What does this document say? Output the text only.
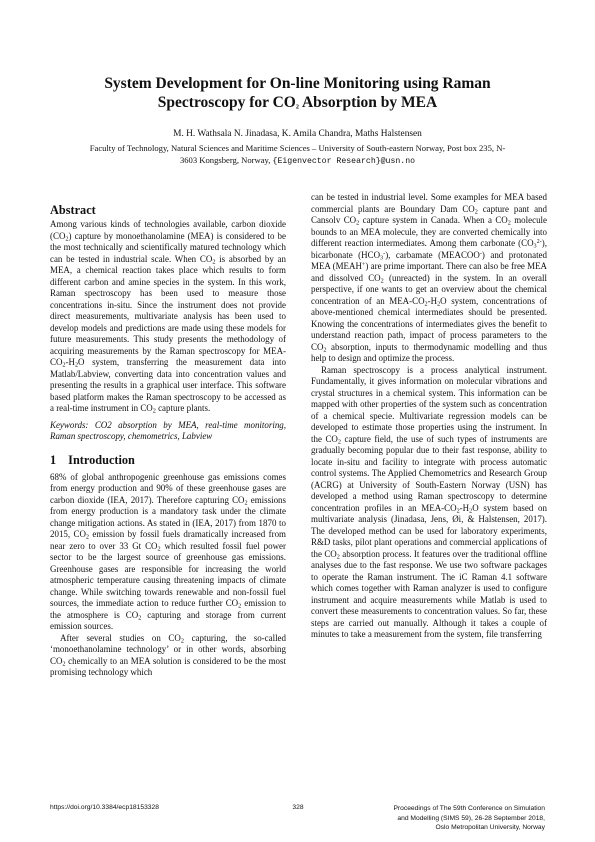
System Development for On-line Monitoring using Raman
Spectroscopy for $CO_2$ Absorption by MEA
M. H. Wathsala N. Jinadasa, K. Amila Chandra, Maths Halstensen
Faculty of Technology, Natural Sciences and Maritime Sciences – University of South-eastern Norway, Post box 235, N-
3603 Kongsberg, Norway, {Eigenvector Research}@usn.no
Abstract

Among various kinds of technologies available, carbon dioxide $(CO_2)$ capture by monoethanolamine (MEA) is considered to be the most technically and scientifically matured technology which can be tested in industrial scale. When $CO_2$ is absorbed by an MEA, a chemical reaction takes place which results to form different carbon and amine species in the system. In this work, Raman spectroscopy has been used to measure those concentrations in-situ. Since the instrument does not provide direct measurements, multivariate analysis has been used to develop models and predictions are made using these models for future measurements. This study presents the methodology of acquiring measurements by the Raman spectroscopy for MEA-$CO_2-H_2O$ system, transferring the measurement data into Matlab/Labview, converting data into concentration values and presenting the results in a graphical user interface. This software based platform makes the Raman spectroscopy to be accessed as a real-time instrument in $CO_2$ capture plants.

Keywords: CO2 absorption by MEA, real-time monitoring, Raman spectroscopy, chemometrics, Labview

1 Introduction

68% of global anthropogenic greenhouse gas emissions comes from energy production and 90% of these greenhouse gases are carbon dioxide (IEA, 2017). Therefore capturing $CO_2$ emissions from energy production is a mandatory task under the climate change mitigation actions. As stated in (IEA, 2017) from 1870 to 2015, $CO_2$ emission by fossil fuels dramatically increased from near zero to over 33 Gt $CO_2$ which resulted fossil fuel power sector to be the largest source of greenhouse gas emissions. Greenhouse gases are responsible for increasing the world atmospheric temperature causing threatening impacts of climate change. While switching towards renewable and non-fossil fuel sources, the immediate action to reduce further $CO_2$ emission to the atmosphere is $CO_2$ capturing and storage from current emission sources.

After several studies on $CO_2$ capturing, the so-called ‘monoethanolamine technology’ or in other words, absorbing $CO_2$ chemically to an MEA solution is considered to be the most promising technology which

can be tested in industrial level. Some examples for MEA based commercial plants are Boundary Dam $CO_2$ capture pant and Cansolv $CO_2$ capture system in Canada. When a $CO_2$ molecule bounds to an MEA molecule, they are converted chemically into different reaction intermediates. Among them carbonate $(CO_3^{2-})$, bicarbonate $(HCO_3^-)$, carbamate (MEACOO-) and protonated MEA (MEAH+) are prime important. There can also be free MEA and dissolved $CO_2$ (unreacted) in the system. In an overall perspective, if one wants to get an overview about the chemical concentration of an MEA-$CO_2-H_2O$ system, concentrations of above-mentioned chemical intermediates should be presented. Knowing the concentrations of intermediates gives the benefit to understand reaction path, impact of process parameters to the $CO_2$ absorption, inputs to thermodynamic modelling and thus help to design and optimize the process.

Raman spectroscopy is a process analytical instrument. Fundamentally, it gives information on molecular vibrations and crystal structures in a chemical system. This information can be mapped with other properties of the system such as concentration of a chemical specie. Multivariate regression models can be developed to estimate those properties using the instrument. In the $CO_2$ capture field, the use of such types of instruments are gradually becoming popular due to their fast response, ability to locate in-situ and facility to integrate with process automatic control systems. The Applied Chemometrics and Research Group (ACRG) at University of South-Eastern Norway (USN) has developed a method using Raman spectroscopy to determine concentration profiles in an MEA-$CO_2-H_2O$ system based on multivariate analysis (Jinadasa, Jens, Øi, & Halstensen, 2017). The developed method can be used for laboratory experiments, R&D tasks, pilot plant operations and commercial applications of the $CO_2$ absorption process. It features over the traditional offline analyses due to the fast response. We use two software packages to operate the Raman instrument. The iC Raman 4.1 software which comes together with Raman analyzer is used to configure instrument and acquire measurements while Matlab is used to convert these measurements to concentration values. So far, these steps are carried out manually. Although it takes a couple of minutes to take a measurement from the system, file transferring

https://doi.org/10.3384/ecp18153328	328	Proceedings of The 59th Conference on Simulation
and Modelling (SIMS 59), 26-28 September 2018,
Oslo Metropolitan University, Norway
